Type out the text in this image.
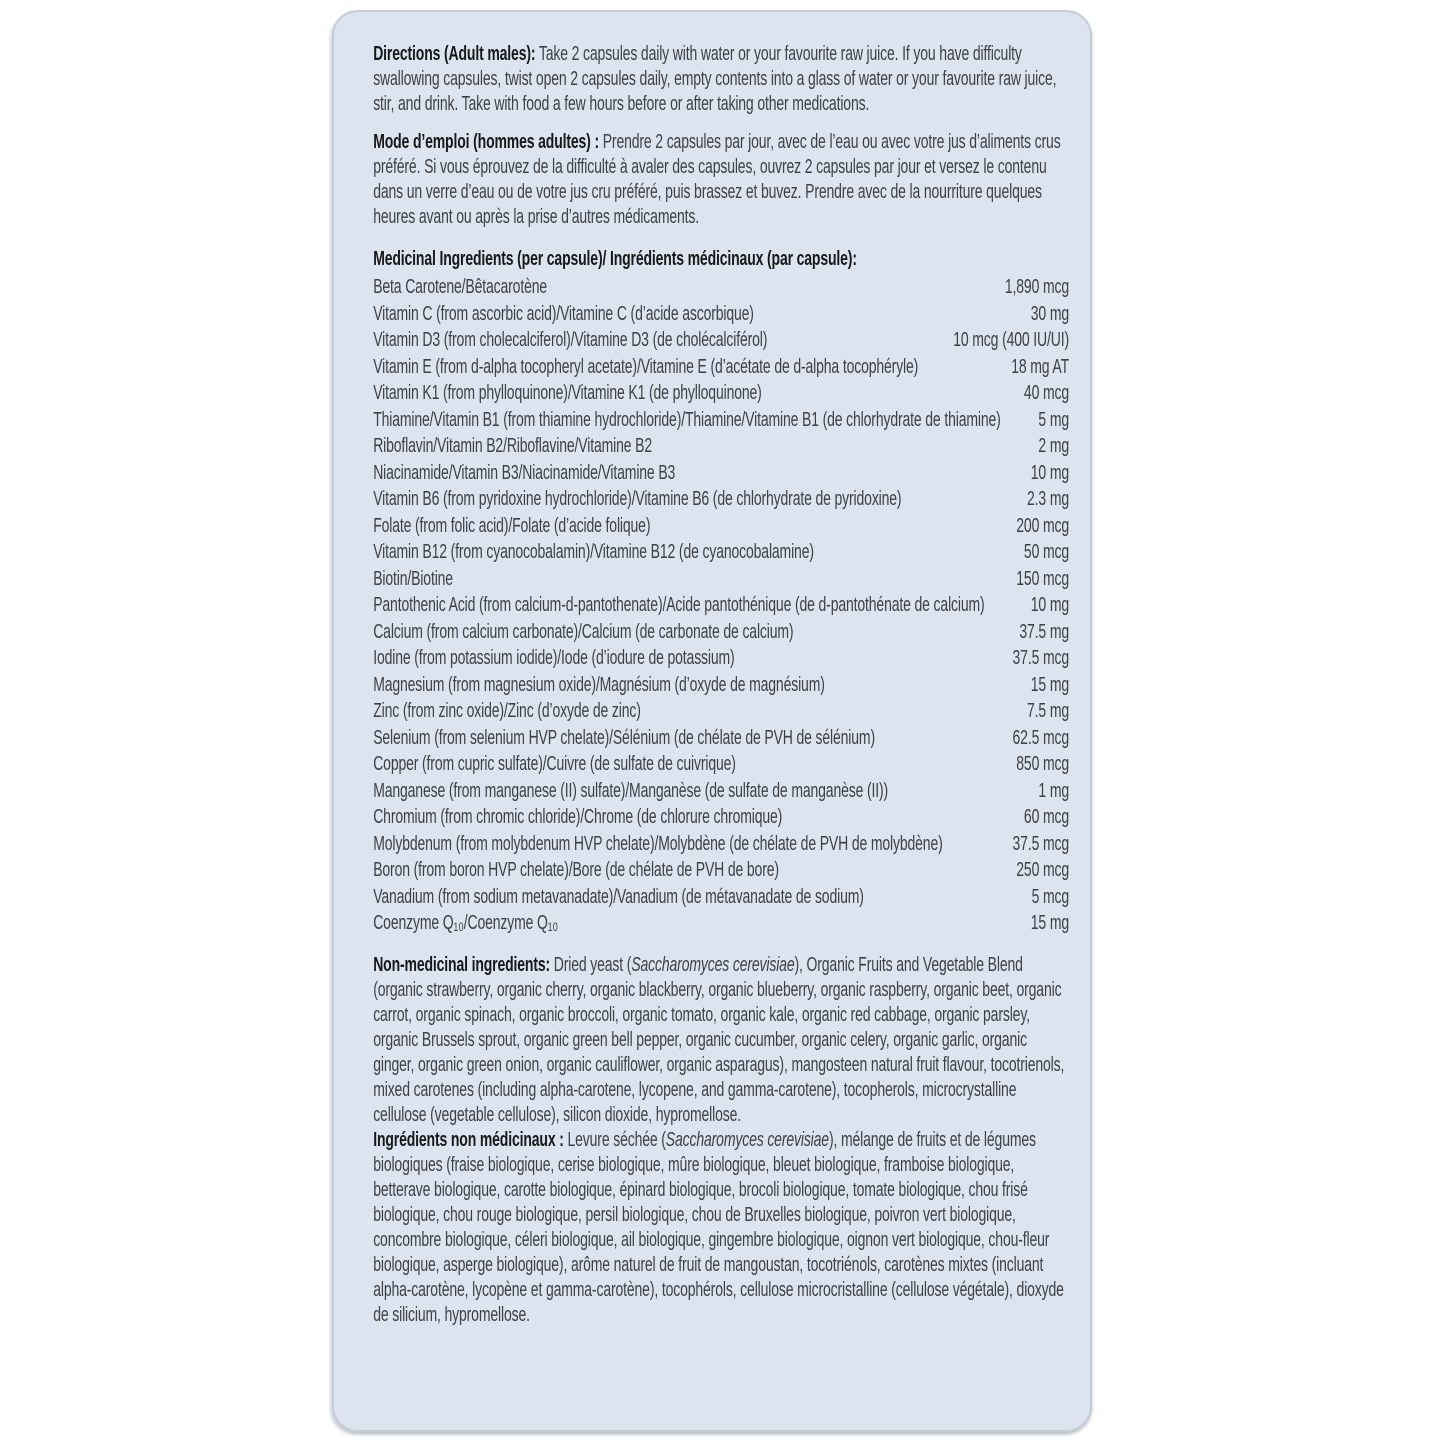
Directions (Adult males): Take 2 capsules daily with water or your favourite raw juice. If you have difficulty swallowing capsules, twist open 2 capsules daily, empty contents into a glass of water or your favourite raw juice, stir, and drink. Take with food a few hours before or after taking other medications.

Mode d’emploi (hommes adultes) : Prendre 2 capsules par jour, avec de l’eau ou avec votre jus d’aliments crus préféré. Si vous éprouvez de la difficulté à avaler des capsules, ouvrez 2 capsules par jour et versez le contenu dans un verre d’eau ou de votre jus cru préféré, puis brassez et buvez. Prendre avec de la nourriture quelques heures avant ou après la prise d’autres médicaments.

Medicinal Ingredients (per capsule)/ Ingrédients médicinaux (par capsule):

Beta Carotene/Bêtacarotène	1,890 mcg
Vitamin C (from ascorbic acid)/Vitamine C (d’acide ascorbique)	30 mg
Vitamin D3 (from cholecalciferol)/Vitamine D3 (de cholécalciférol)	10 mcg (400 IU/UI)
Vitamin E (from d-alpha tocopheryl acetate)/Vitamine E (d’acétate de d-alpha tocophéryle)	18 mg AT
Vitamin K1 (from phylloquinone)/Vitamine K1 (de phylloquinone)	40 mcg
Thiamine/Vitamin B1 (from thiamine hydrochloride)/Thiamine/Vitamine B1 (de chlorhydrate de thiamine)	5 mg
Riboflavin/Vitamin B2/Riboflavine/Vitamine B2	2 mg
Niacinamide/Vitamin B3/Niacinamide/Vitamine B3	10 mg
Vitamin B6 (from pyridoxine hydrochloride)/Vitamine B6 (de chlorhydrate de pyridoxine)	2.3 mg
Folate (from folic acid)/Folate (d’acide folique)	200 mcg
Vitamin B12 (from cyanocobalamin)/Vitamine B12 (de cyanocobalamine)	50 mcg
Biotin/Biotine	150 mcg
Pantothenic Acid (from calcium-d-pantothenate)/Acide pantothénique (de d-pantothénate de calcium)	10 mg
Calcium (from calcium carbonate)/Calcium (de carbonate de calcium)	37.5 mg
Iodine (from potassium iodide)/Iode (d’iodure de potassium)	37.5 mcg
Magnesium (from magnesium oxide)/Magnésium (d’oxyde de magnésium)	15 mg
Zinc (from zinc oxide)/Zinc (d’oxyde de zinc)	7.5 mg
Selenium (from selenium HVP chelate)/Sélénium (de chélate de PVH de sélénium)	62.5 mcg
Copper (from cupric sulfate)/Cuivre (de sulfate de cuivrique)	850 mcg
Manganese (from manganese (II) sulfate)/Manganèse (de sulfate de manganèse (II))	1 mg
Chromium (from chromic chloride)/Chrome (de chlorure chromique)	60 mcg
Molybdenum (from molybdenum HVP chelate)/Molybdène (de chélate de PVH de molybdène)	37.5 mcg
Boron (from boron HVP chelate)/Bore (de chélate de PVH de bore)	250 mcg
Vanadium (from sodium metavanadate)/Vanadium (de métavanadate de sodium)	5 mcg
Coenzyme Q₁₀/Coenzyme Q₁₀	15 mg

Non-medicinal ingredients: Dried yeast (Saccharomyces cerevisiae), Organic Fruits and Vegetable Blend (organic strawberry, organic cherry, organic blackberry, organic blueberry, organic raspberry, organic beet, organic carrot, organic spinach, organic broccoli, organic tomato, organic kale, organic red cabbage, organic parsley, organic Brussels sprout, organic green bell pepper, organic cucumber, organic celery, organic garlic, organic ginger, organic green onion, organic cauliflower, organic asparagus), mangosteen natural fruit flavour, tocotrienols, mixed carotenes (including alpha-carotene, lycopene, and gamma-carotene), tocopherols, microcrystalline cellulose (vegetable cellulose), silicon dioxide, hypromellose.

Ingrédients non médicinaux : Levure séchée (Saccharomyces cerevisiae), mélange de fruits et de légumes biologiques (fraise biologique, cerise biologique, mûre biologique, bleuet biologique, framboise biologique, betterave biologique, carotte biologique, épinard biologique, brocoli biologique, tomate biologique, chou frisé biologique, chou rouge biologique, persil biologique, chou de Bruxelles biologique, poivron vert biologique, concombre biologique, céleri biologique, ail biologique, gingembre biologique, oignon vert biologique, chou-fleur biologique, asperge biologique), arôme naturel de fruit de mangoustan, tocotriénols, carotènes mixtes (incluant alpha-carotène, lycopène et gamma-carotène), tocophérols, cellulose microcristalline (cellulose végétale), dioxyde de silicium, hypromellose.
